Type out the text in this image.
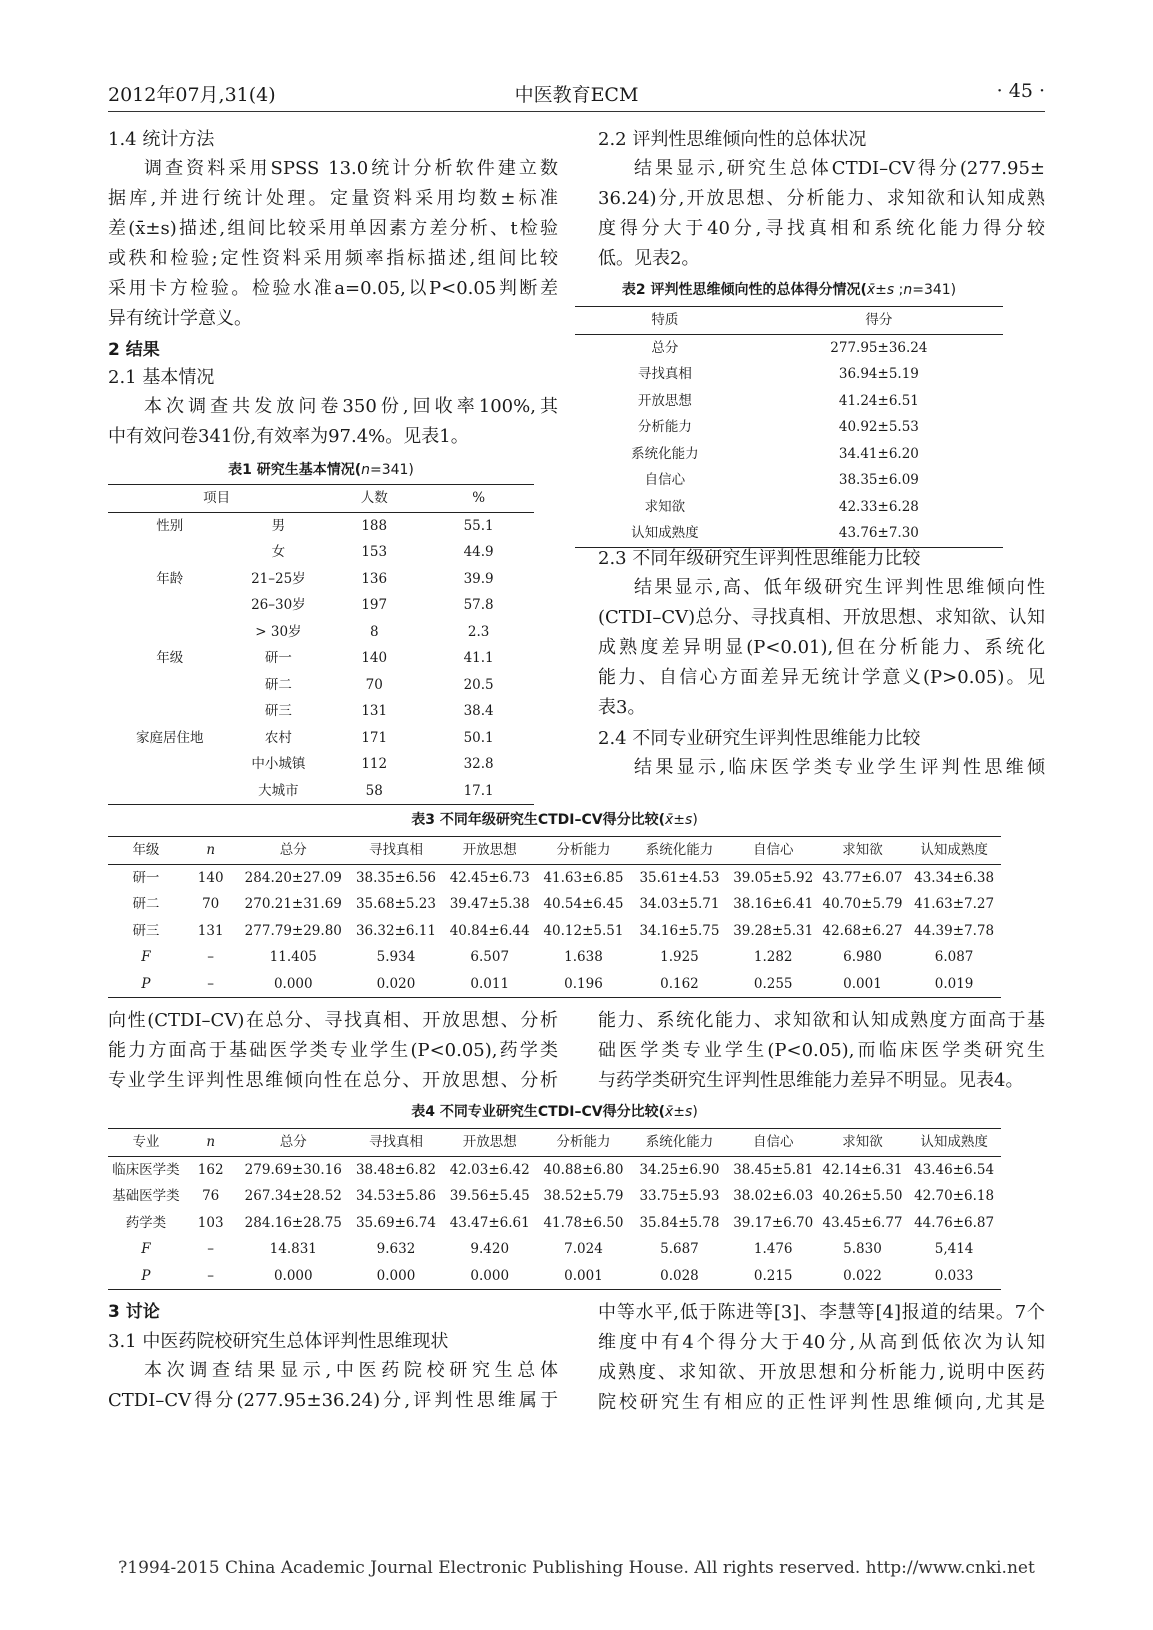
2012年07月,31(4)	中医教育ECM	· 45 ·
1.4 统计方法
调查资料采用SPSS 13.0统计分析软件建立数
据库,并进行统计处理。定量资料采用均数±标准
差(x̄±s)描述,组间比较采用单因素方差分析、t检验
或秩和检验;定性资料采用频率指标描述,组间比较
采用卡方检验。检验水准a=0.05,以P<0.05判断差
异有统计学意义。
2 结果
2.1 基本情况
本次调查共发放问卷350份,回收率100%,其
中有效问卷341份,有效率为97.4%。见表1。
表1 研究生基本情况(n=341)
项目		人数	%
性别	男	188	55.1
	女	153	44.9
年龄	21–25岁	136	39.9
	26–30岁	197	57.8
	> 30岁	8	2.3
年级	研一	140	41.1
	研二	70	20.5
	研三	131	38.4
家庭居住地	农村	171	50.1
	中小城镇	112	32.8
	大城市	58	17.1
2.2 评判性思维倾向性的总体状况
结果显示,研究生总体CTDI–CV得分(277.95±
36.24)分,开放思想、分析能力、求知欲和认知成熟
度得分大于40分,寻找真相和系统化能力得分较
低。见表2。
表2 评判性思维倾向性的总体得分情况(x̄±s ;n=341)
特质	得分
总分	277.95±36.24
寻找真相	36.94±5.19
开放思想	41.24±6.51
分析能力	40.92±5.53
系统化能力	34.41±6.20
自信心	38.35±6.09
求知欲	42.33±6.28
认知成熟度	43.76±7.30
2.3 不同年级研究生评判性思维能力比较
结果显示,高、低年级研究生评判性思维倾向性
(CTDI–CV)总分、寻找真相、开放思想、求知欲、认知
成熟度差异明显(P<0.01),但在分析能力、系统化
能力、自信心方面差异无统计学意义(P>0.05)。见
表3。
2.4 不同专业研究生评判性思维能力比较
结果显示,临床医学类专业学生评判性思维倾
表3 不同年级研究生CTDI–CV得分比较(x̄±s)
年级	n	总分	寻找真相	开放思想	分析能力	系统化能力	自信心	求知欲	认知成熟度
研一	140	284.20±27.09	38.35±6.56	42.45±6.73	41.63±6.85	35.61±4.53	39.05±5.92	43.77±6.07	43.34±6.38
研二	70	270.21±31.69	35.68±5.23	39.47±5.38	40.54±6.45	34.03±5.71	38.16±6.41	40.70±5.79	41.63±7.27
研三	131	277.79±29.80	36.32±6.11	40.84±6.44	40.12±5.51	34.16±5.75	39.28±5.31	42.68±6.27	44.39±7.78
F	–	11.405	5.934	6.507	1.638	1.925	1.282	6.980	6.087
P	–	0.000	0.020	0.011	0.196	0.162	0.255	0.001	0.019
向性(CTDI–CV)在总分、寻找真相、开放思想、分析
能力方面高于基础医学类专业学生(P<0.05),药学类
专业学生评判性思维倾向性在总分、开放思想、分析
能力、系统化能力、求知欲和认知成熟度方面高于基
础医学类专业学生(P<0.05),而临床医学类研究生
与药学类研究生评判性思维能力差异不明显。见表4。
表4 不同专业研究生CTDI–CV得分比较(x̄±s)
专业	n	总分	寻找真相	开放思想	分析能力	系统化能力	自信心	求知欲	认知成熟度
临床医学类	162	279.69±30.16	38.48±6.82	42.03±6.42	40.88±6.80	34.25±6.90	38.45±5.81	42.14±6.31	43.46±6.54
基础医学类	76	267.34±28.52	34.53±5.86	39.56±5.45	38.52±5.79	33.75±5.93	38.02±6.03	40.26±5.50	42.70±6.18
药学类	103	284.16±28.75	35.69±6.74	43.47±6.61	41.78±6.50	35.84±5.78	39.17±6.70	43.45±6.77	44.76±6.87
F	–	14.831	9.632	9.420	7.024	5.687	1.476	5.830	5,414
P	–	0.000	0.000	0.000	0.001	0.028	0.215	0.022	0.033
3 讨论
3.1 中医药院校研究生总体评判性思维现状
本次调查结果显示,中医药院校研究生总体
CTDI–CV得分(277.95±36.24)分,评判性思维属于
中等水平,低于陈进等[3]、李慧等[4]报道的结果。7个
维度中有4个得分大于40分,从高到低依次为认知
成熟度、求知欲、开放思想和分析能力,说明中医药
院校研究生有相应的正性评判性思维倾向,尤其是
?1994-2015 China Academic Journal Electronic Publishing House. All rights reserved. http://www.cnki.net
